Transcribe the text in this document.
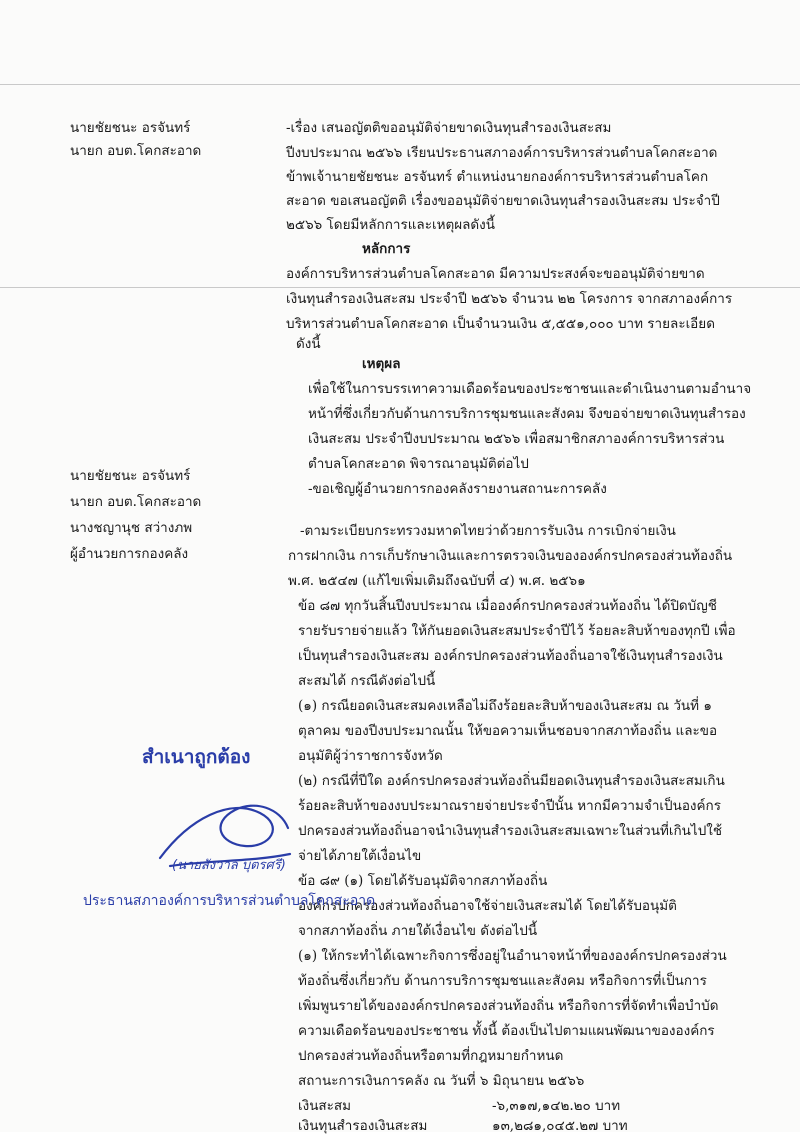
นายชัยชนะ อรจันทร์
นายก อบต.โคกสะอาด
นายชัยชนะ อรจันทร์
นายก อบต.โคกสะอาด
นางชญานุช สว่างภพ
ผู้อำนวยการกองคลัง
-เรื่อง เสนอญัตติขออนุมัติจ่ายขาดเงินทุนสำรองเงินสะสม
ปีงบประมาณ ๒๕๖๖ เรียนประธานสภาองค์การบริหารส่วนตำบลโคกสะอาด
ข้าพเจ้านายชัยชนะ อรจันทร์ ตำแหน่งนายกองค์การบริหารส่วนตำบลโคก
สะอาด ขอเสนอญัตติ เรื่องขออนุมัติจ่ายขาดเงินทุนสำรองเงินสะสม ประจำปี
๒๕๖๖ โดยมีหลักการและเหตุผลดังนี้
หลักการ
องค์การบริหารส่วนตำบลโคกสะอาด มีความประสงค์จะขออนุมัติจ่ายขาด
เงินทุนสำรองเงินสะสม ประจำปี ๒๕๖๖ จำนวน ๒๒ โครงการ จากสภาองค์การ
บริหารส่วนตำบลโคกสะอาด เป็นจำนวนเงิน ๕,๕๕๑,๐๐๐ บาท รายละเอียด
ดังนี้
เหตุผล
เพื่อใช้ในการบรรเทาความเดือดร้อนของประชาชนและดำเนินงานตามอำนาจ
หน้าที่ซึ่งเกี่ยวกับด้านการบริการชุมชนและสังคม จึงขอจ่ายขาดเงินทุนสำรอง
เงินสะสม ประจำปีงบประมาณ ๒๕๖๖ เพื่อสมาชิกสภาองค์การบริหารส่วน
ตำบลโคกสะอาด พิจารณาอนุมัติต่อไป
-ขอเชิญผู้อำนวยการกองคลังรายงานสถานะการคลัง
-ตามระเบียบกระทรวงมหาดไทยว่าด้วยการรับเงิน การเบิกจ่ายเงิน
การฝากเงิน การเก็บรักษาเงินและการตรวจเงินขององค์กรปกครองส่วนท้องถิ่น
พ.ศ. ๒๕๔๗ (แก้ไขเพิ่มเติมถึงฉบับที่ ๔) พ.ศ. ๒๕๖๑
ข้อ ๘๗ ทุกวันสิ้นปีงบประมาณ เมื่อองค์กรปกครองส่วนท้องถิ่น ได้ปิดบัญชี
รายรับรายจ่ายแล้ว ให้กันยอดเงินสะสมประจำปีไว้ ร้อยละสิบห้าของทุกปี เพื่อ
เป็นทุนสำรองเงินสะสม องค์กรปกครองส่วนท้องถิ่นอาจใช้เงินทุนสำรองเงิน
สะสมได้ กรณีดังต่อไปนี้
(๑) กรณียอดเงินสะสมคงเหลือไม่ถึงร้อยละสิบห้าของเงินสะสม ณ วันที่ ๑
ตุลาคม ของปีงบประมาณนั้น ให้ขอความเห็นชอบจากสภาท้องถิ่น และขอ
อนุมัติผู้ว่าราชการจังหวัด
(๒) กรณีที่ปีใด องค์กรปกครองส่วนท้องถิ่นมียอดเงินทุนสำรองเงินสะสมเกิน
ร้อยละสิบห้าของงบประมาณรายจ่ายประจำปีนั้น หากมีความจำเป็นองค์กร
ปกครองส่วนท้องถิ่นอาจนำเงินทุนสำรองเงินสะสมเฉพาะในส่วนที่เกินไปใช้
จ่ายได้ภายใต้เงื่อนไข
ข้อ ๘๙ (๑) โดยได้รับอนุมัติจากสภาท้องถิ่น
องค์กรปกครองส่วนท้องถิ่นอาจใช้จ่ายเงินสะสมได้ โดยได้รับอนุมัติ
จากสภาท้องถิ่น ภายใต้เงื่อนไข ดังต่อไปนี้
(๑) ให้กระทำได้เฉพาะกิจการซึ่งอยู่ในอำนาจหน้าที่ขององค์กรปกครองส่วน
ท้องถิ่นซึ่งเกี่ยวกับ ด้านการบริการชุมชนและสังคม หรือกิจการที่เป็นการ
เพิ่มพูนรายได้ขององค์กรปกครองส่วนท้องถิ่น หรือกิจการที่จัดทำเพื่อบำบัด
ความเดือดร้อนของประชาชน ทั้งนี้ ต้องเป็นไปตามแผนพัฒนาขององค์กร
ปกครองส่วนท้องถิ่นหรือตามที่กฎหมายกำหนด
สถานะการเงินการคลัง ณ วันที่ ๖ มิถุนายน ๒๕๖๖
เงินสะสม	-๖,๓๑๗,๑๔๒.๒๐ บาท
เงินทุนสำรองเงินสะสม	๑๓,๒๘๑,๐๔๕.๒๗ บาท
สำเนาถูกต้อง
(นายสังวาล บุตรศรี)
ประธานสภาองค์การบริหารส่วนตำบลโคกสะอาด
